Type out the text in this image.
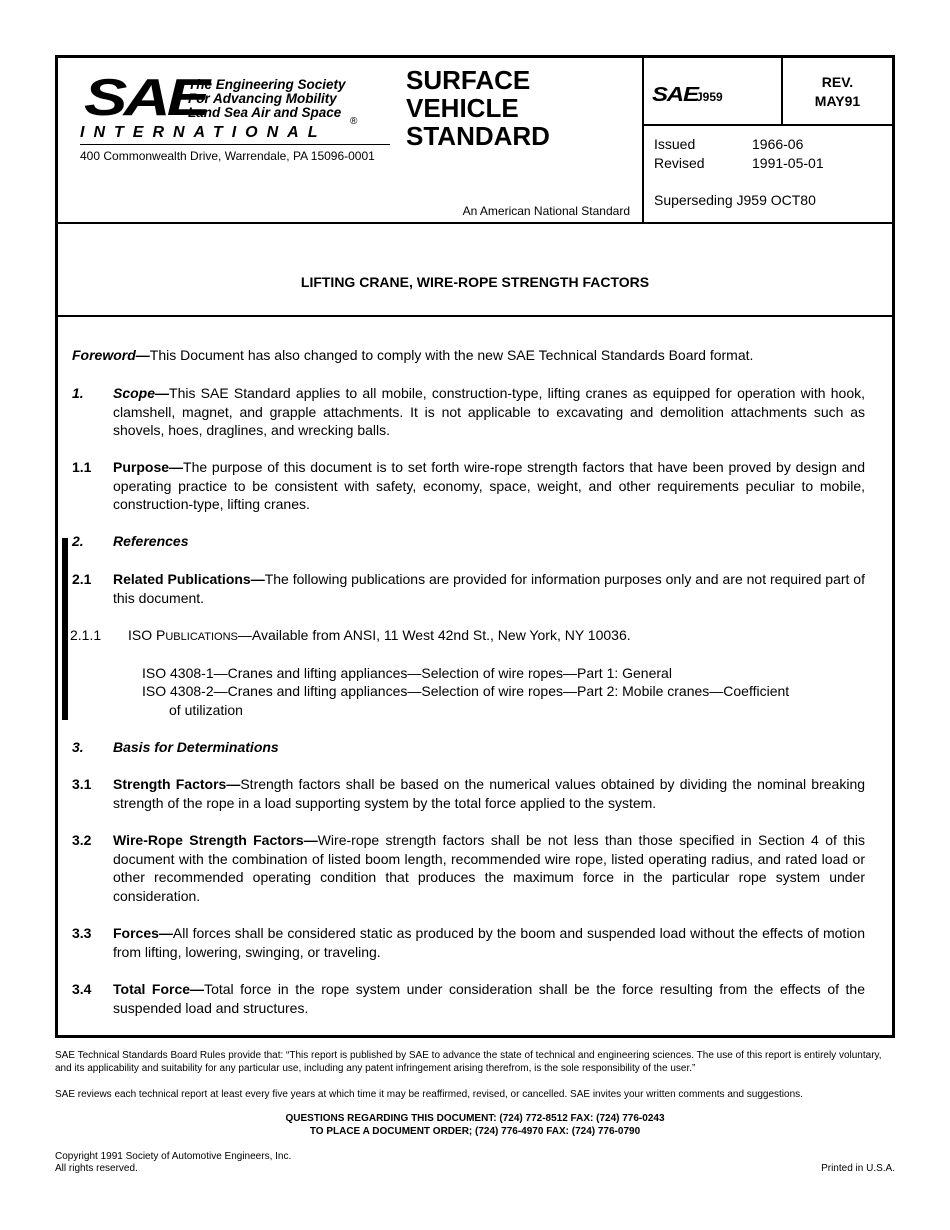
SAE
The Engineering Society
For Advancing Mobility
Land Sea Air and Space
®
INTERNATIONAL
400 Commonwealth Drive, Warrendale, PA 15096-0001
SURFACE
VEHICLE
STANDARD
An American National Standard
SAE
J959
REV.
MAY91
Issued	1966-06
Revised	1991-05-01
Superseding J959 OCT80
LIFTING CRANE, WIRE-ROPE STRENGTH FACTORS
Foreword—This Document has also changed to comply with the new SAE Technical Standards Board format.
1. Scope—This SAE Standard applies to all mobile, construction-type, lifting cranes as equipped for operation with hook, clamshell, magnet, and grapple attachments. It is not applicable to excavating and demolition attachments such as shovels, hoes, draglines, and wrecking balls.
1.1 Purpose—The purpose of this document is to set forth wire-rope strength factors that have been proved by design and operating practice to be consistent with safety, economy, space, weight, and other requirements peculiar to mobile, construction-type, lifting cranes.
2. References
2.1 Related Publications—The following publications are provided for information purposes only and are not required part of this document.
2.1.1 ISO PUBLICATIONS—Available from ANSI, 11 West 42nd St., New York, NY 10036.
ISO 4308-1—Cranes and lifting appliances—Selection of wire ropes—Part 1: General
ISO 4308-2—Cranes and lifting appliances—Selection of wire ropes—Part 2: Mobile cranes—Coefficient
of utilization
3. Basis for Determinations
3.1 Strength Factors—Strength factors shall be based on the numerical values obtained by dividing the nominal breaking strength of the rope in a load supporting system by the total force applied to the system.
3.2 Wire-Rope Strength Factors—Wire-rope strength factors shall be not less than those specified in Section 4 of this document with the combination of listed boom length, recommended wire rope, listed operating radius, and rated load or other recommended operating condition that produces the maximum force in the particular rope system under consideration.
3.3 Forces—All forces shall be considered static as produced by the boom and suspended load without the effects of motion from lifting, lowering, swinging, or traveling.
3.4 Total Force—Total force in the rope system under consideration shall be the force resulting from the effects of the suspended load and structures.
SAE Technical Standards Board Rules provide that: “This report is published by SAE to advance the state of technical and engineering sciences. The use of this report is entirely voluntary, and its applicability and suitability for any particular use, including any patent infringement arising therefrom, is the sole responsibility of the user.”
SAE reviews each technical report at least every five years at which time it may be reaffirmed, revised, or cancelled. SAE invites your written comments and suggestions.
QUESTIONS REGARDING THIS DOCUMENT: (724) 772-8512 FAX: (724) 776-0243
TO PLACE A DOCUMENT ORDER; (724) 776-4970 FAX: (724) 776-0790
Copyright 1991 Society of Automotive Engineers, Inc.
All rights reserved.	Printed in U.S.A.
